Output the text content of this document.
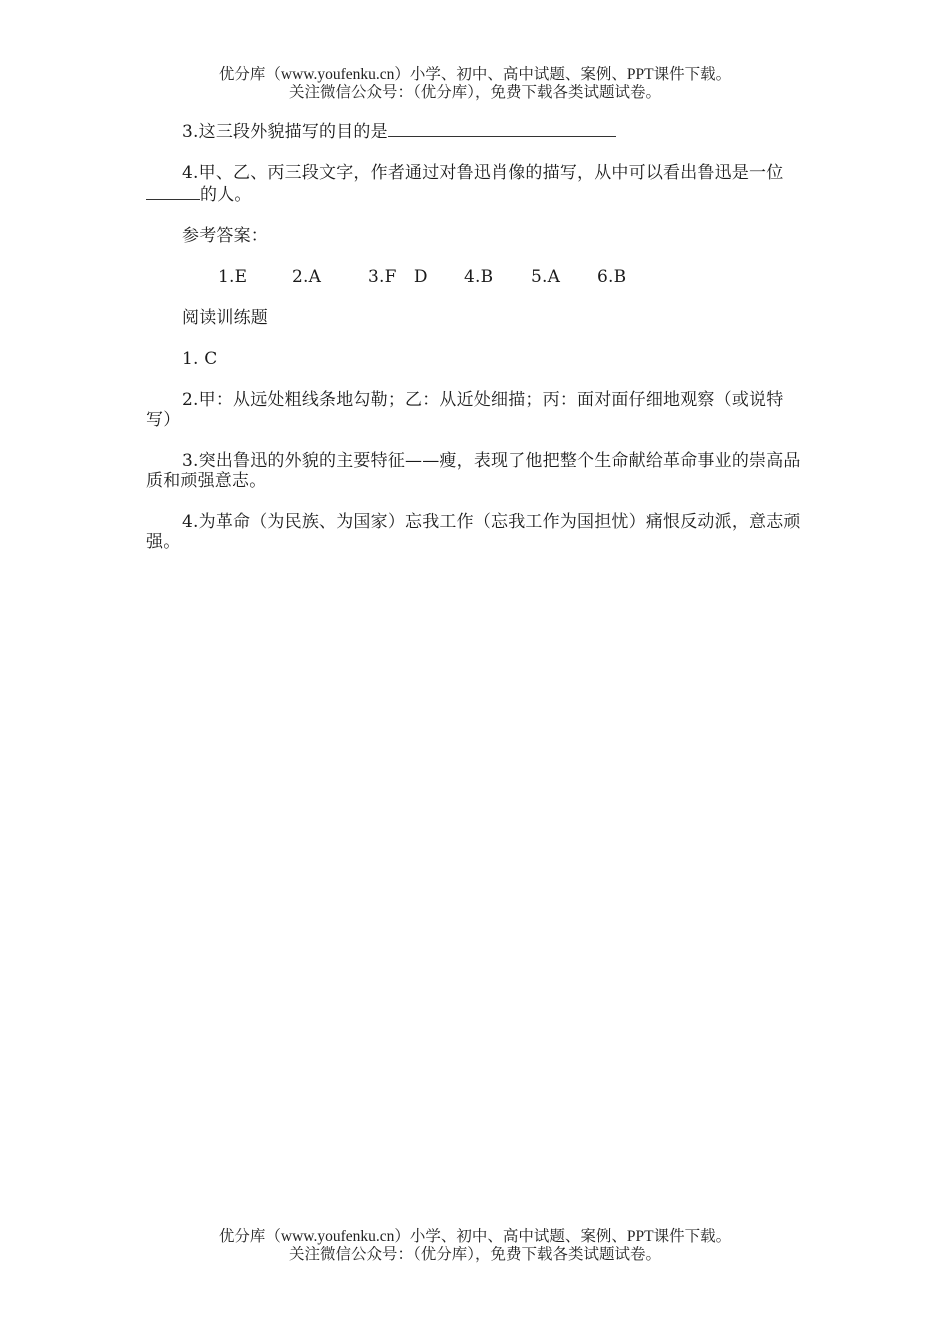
优分库（www.youfenku.cn）小学、初中、高中试题、案例、PPT课件下载。
关注微信公众号：（优分库），免费下载各类试题试卷。

3.这三段外貌描写的目的是

4.甲、乙、丙三段文字，作者通过对鲁迅肖像的描写，从中可以看出鲁迅是一位的人。

参考答案：

1.E	2.A	3.F　D 4.B 5.A 6.B

阅读训练题

1. C

2.甲：从远处粗线条地勾勒；乙：从近处细描；丙：面对面仔细地观察（或说特写）

3.突出鲁迅的外貌的主要特征——瘦，表现了他把整个生命献给革命事业的崇高品质和顽强意志。

4.为革命（为民族、为国家）忘我工作（忘我工作为国担忧）痛恨反动派，意志顽强。

优分库（www.youfenku.cn）小学、初中、高中试题、案例、PPT课件下载。
关注微信公众号：（优分库），免费下载各类试题试卷。
